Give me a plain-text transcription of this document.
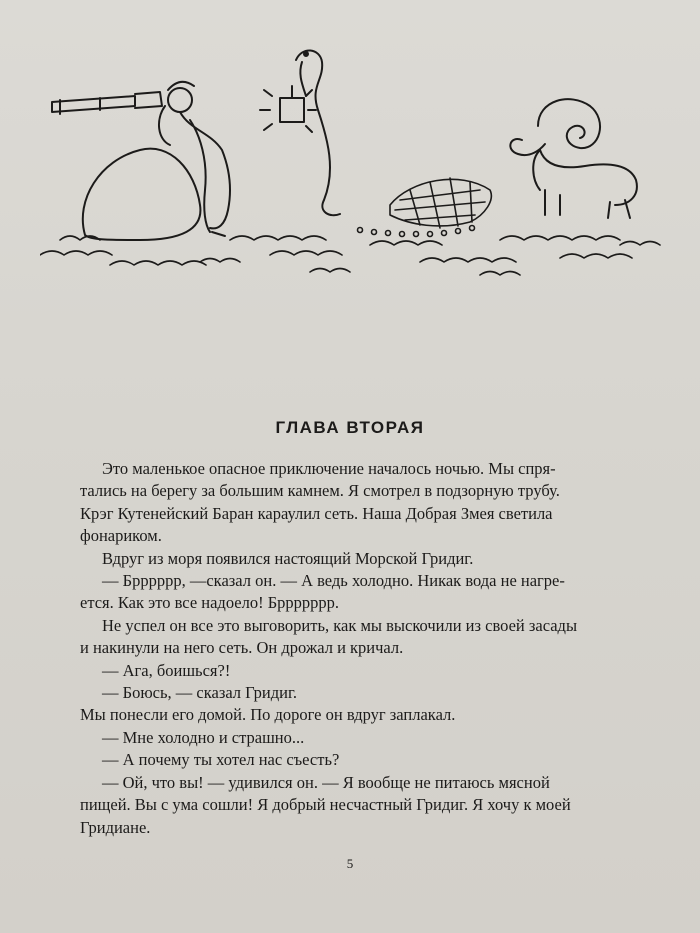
ГЛАВА ВТОРАЯ
Это маленькое опасное приключение началось ночью. Мы спря-
тались на берегу за большим камнем. Я смотрел в подзорную трубу.
Крэг Кутенейский Баран караулил сеть. Наша Добрая Змея светила
фонариком.
Вдруг из моря появился настоящий Морской Гридиг.
— Брррррр, —сказал он. — А ведь холодно. Никак вода не нагре-
ется. Как это все надоело! Бррррррр.
Не успел он все это выговорить, как мы выскочили из своей засады
и накинули на него сеть. Он дрожал и кричал.
— Ага, боишься?!
— Боюсь, — сказал Гридиг.
Мы понесли его домой. По дороге он вдруг заплакал.
— Мне холодно и страшно...
— А почему ты хотел нас съесть?
— Ой, что вы! — удивился он. — Я вообще не питаюсь мясной
пищей. Вы с ума сошли! Я добрый несчастный Гридиг. Я хочу к моей
Гридиане.
5
